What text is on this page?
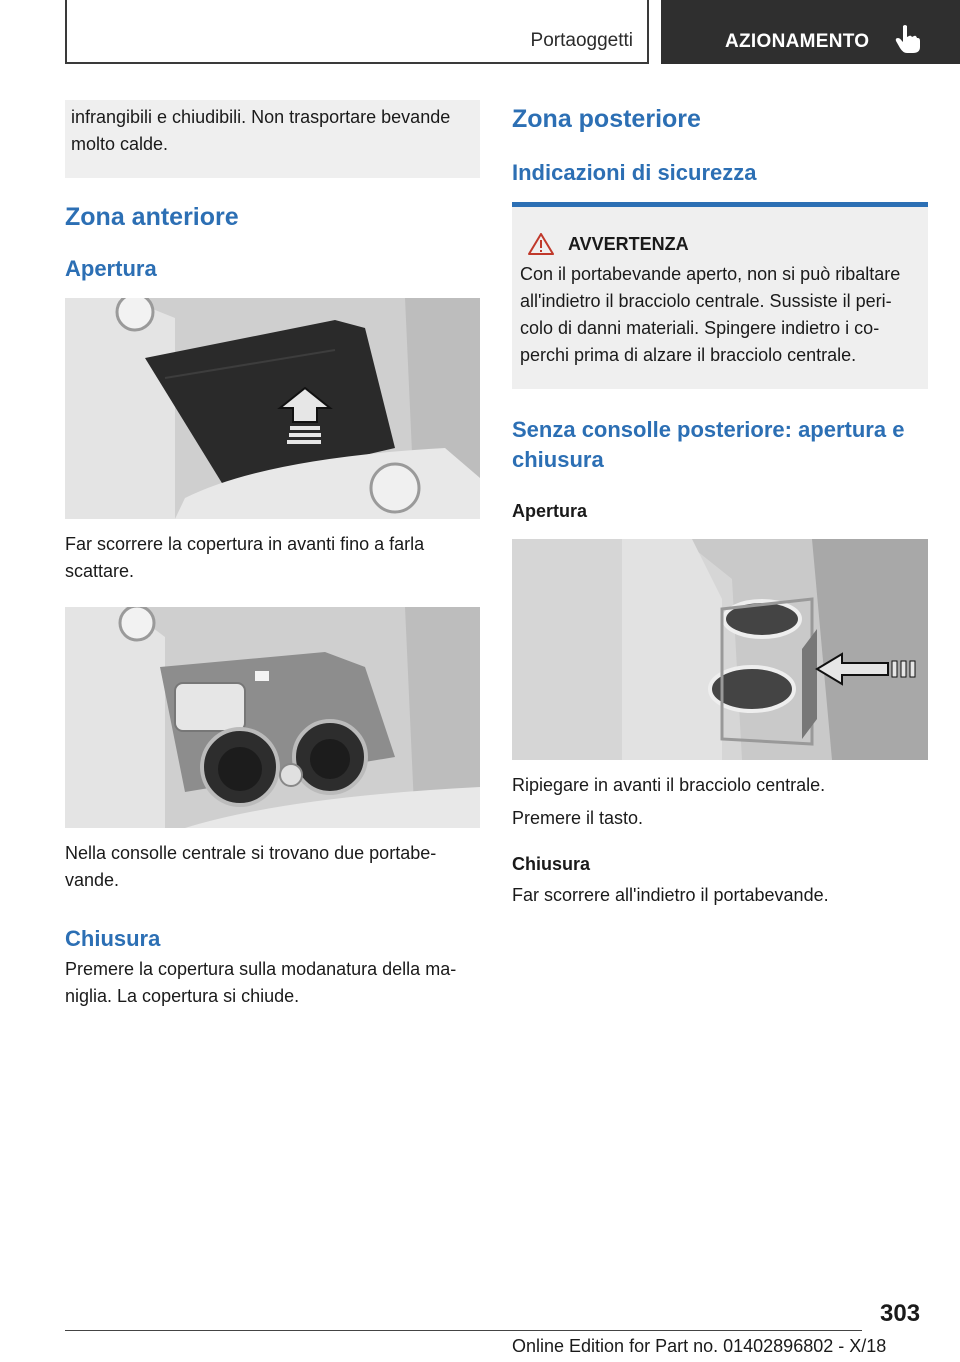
Portaoggetti	AZIONAMENTO
infrangibili e chiudibili. Non trasportare bevande molto calde.
Zona anteriore
Apertura

Far scorrere la copertura in avanti fino a farla scattare.

Nella consolle centrale si trovano due portabe-vande.

Chiusura

Premere la copertura sulla modanatura della ma-niglia. La copertura si chiude.

Zona posteriore
Indicazioni di sicurezza
AVVERTENZA
Con il portabevande aperto, non si può ribaltare all'indietro il bracciolo centrale. Sussiste il peri-colo di danni materiali. Spingere indietro i co-perchi prima di alzare il bracciolo centrale.
Senza consolle posteriore: apertura e chiusura
Apertura

Ripiegare in avanti il bracciolo centrale.

Premere il tasto.

Chiusura

Far scorrere all'indietro il portabevande.

303
Online Edition for Part no. 01402896802 - X/18
